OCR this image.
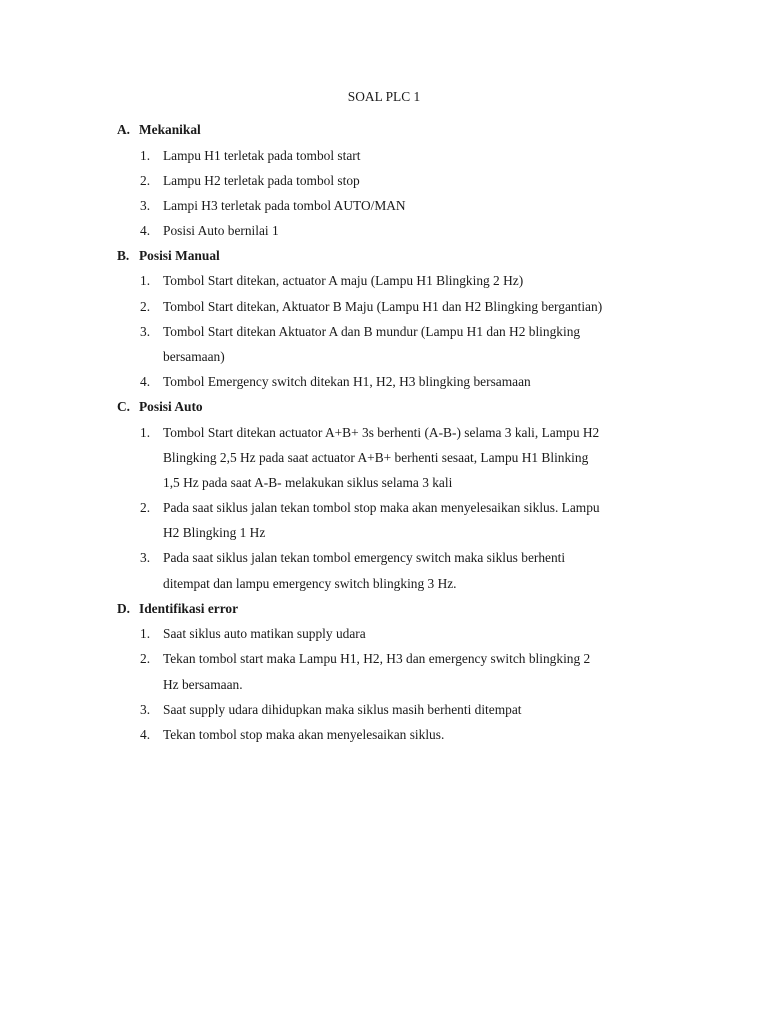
SOAL PLC 1
A. Mekanikal
1. Lampu H1 terletak pada tombol start
2. Lampu H2 terletak pada tombol stop
3. Lampi H3 terletak pada tombol AUTO/MAN
4. Posisi Auto bernilai 1
B. Posisi Manual
1. Tombol Start ditekan, actuator A maju (Lampu H1 Blingking 2 Hz)
2. Tombol Start ditekan, Aktuator B Maju (Lampu H1 dan H2 Blingking bergantian)
3. Tombol Start ditekan Aktuator A dan B mundur (Lampu H1 dan H2 blingking
bersamaan)
4. Tombol Emergency switch ditekan H1, H2, H3 blingking bersamaan
C. Posisi Auto
1. Tombol Start ditekan actuator A+B+ 3s berhenti (A-B-) selama 3 kali, Lampu H2
Blingking 2,5 Hz pada saat actuator A+B+ berhenti sesaat, Lampu H1 Blinking
1,5 Hz pada saat A-B- melakukan siklus selama 3 kali
2. Pada saat siklus jalan tekan tombol stop maka akan menyelesaikan siklus. Lampu
H2 Blingking 1 Hz
3. Pada saat siklus jalan tekan tombol emergency switch maka siklus berhenti
ditempat dan lampu emergency switch blingking 3 Hz.
D. Identifikasi error
1. Saat siklus auto matikan supply udara
2. Tekan tombol start maka Lampu H1, H2, H3 dan emergency switch blingking 2
Hz bersamaan.
3. Saat supply udara dihidupkan maka siklus masih berhenti ditempat
4. Tekan tombol stop maka akan menyelesaikan siklus.
